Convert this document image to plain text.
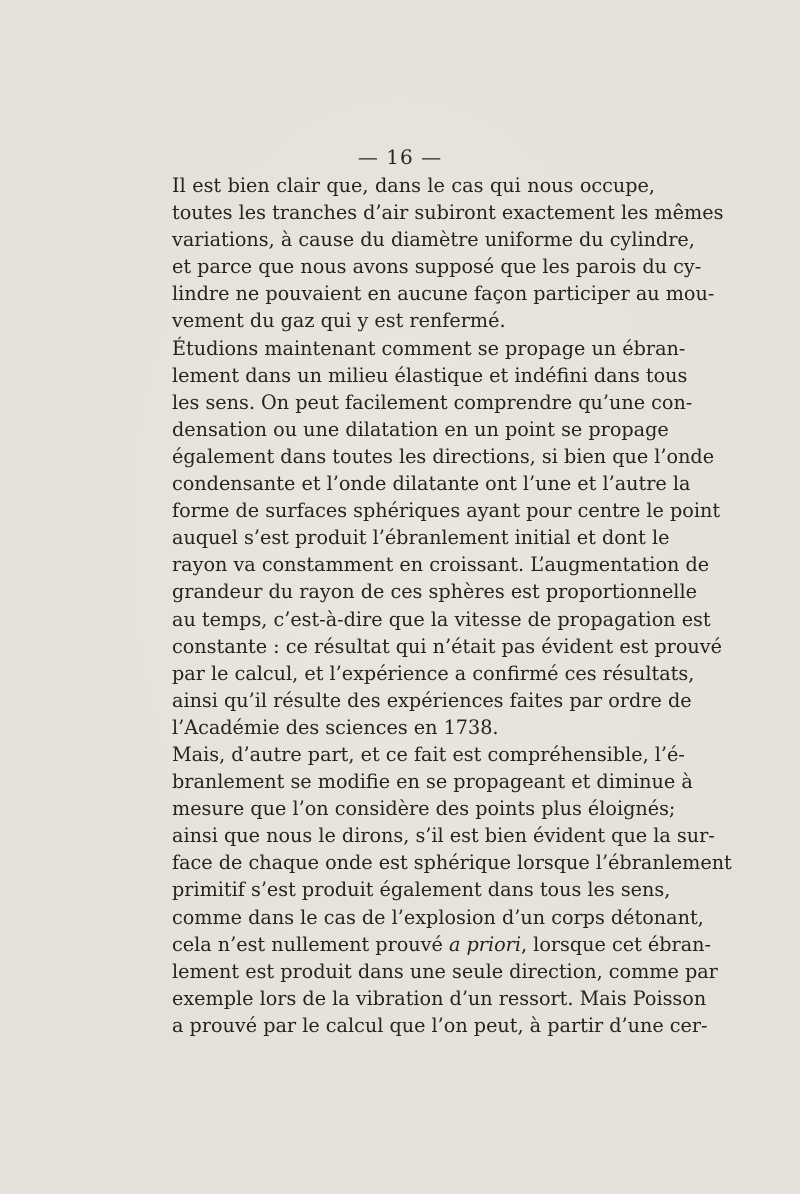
— 16 —

Il est bien clair que, dans le cas qui nous occupe,
toutes les tranches d’air subiront exactement les mêmes
variations, à cause du diamètre uniforme du cylindre,
et parce que nous avons supposé que les parois du cy-
lindre ne pouvaient en aucune façon participer au mou-
vement du gaz qui y est renfermé.

Étudions maintenant comment se propage un ébran-
lement dans un milieu élastique et indéfini dans tous
les sens. On peut facilement comprendre qu’une con-
densation ou une dilatation en un point se propage
également dans toutes les directions, si bien que l’onde
condensante et l’onde dilatante ont l’une et l’autre la
forme de surfaces sphériques ayant pour centre le point
auquel s’est produit l’ébranlement initial et dont le
rayon va constamment en croissant. L’augmentation de
grandeur du rayon de ces sphères est proportionnelle
au temps, c’est-à-dire que la vitesse de propagation est
constante : ce résultat qui n’était pas évident est prouvé
par le calcul, et l’expérience a confirmé ces résultats,
ainsi qu’il résulte des expériences faites par ordre de
l’Académie des sciences en 1738.

Mais, d’autre part, et ce fait est compréhensible, l’é-
branlement se modifie en se propageant et diminue à
mesure que l’on considère des points plus éloignés;
ainsi que nous le dirons, s’il est bien évident que la sur-
face de chaque onde est sphérique lorsque l’ébranlement
primitif s’est produit également dans tous les sens,
comme dans le cas de l’explosion d’un corps détonant,
cela n’est nullement prouvé a priori, lorsque cet ébran-
lement est produit dans une seule direction, comme par
exemple lors de la vibration d’un ressort. Mais Poisson
a prouvé par le calcul que l’on peut, à partir d’une cer-
